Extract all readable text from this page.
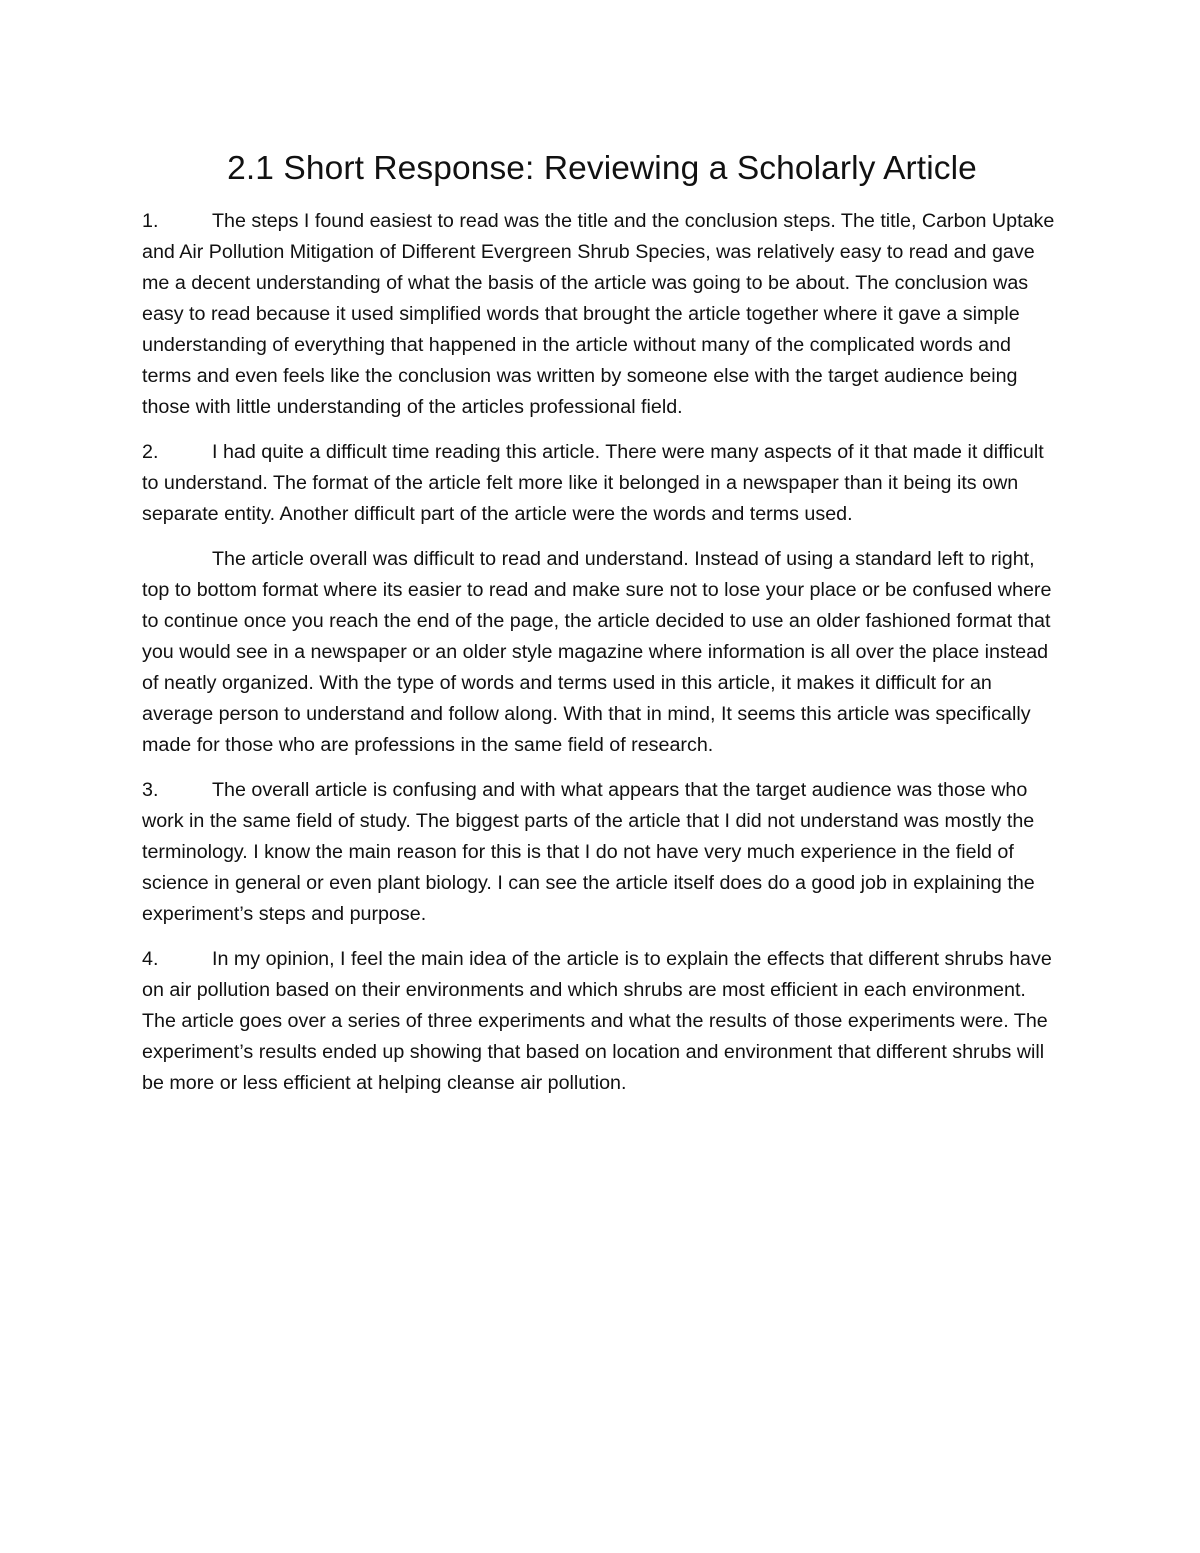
2.1 Short Response: Reviewing a Scholarly Article

1.	The steps I found easiest to read was the title and the conclusion steps. The title, Carbon Uptake and Air Pollution Mitigation of Different Evergreen Shrub Species, was relatively easy to read and gave me a decent understanding of what the basis of the article was going to be about. The conclusion was easy to read because it used simplified words that brought the article together where it gave a simple understanding of everything that happened in the article without many of the complicated words and terms and even feels like the conclusion was written by someone else with the target audience being those with little understanding of the articles professional field.

2.	I had quite a difficult time reading this article. There were many aspects of it that made it difficult to understand. The format of the article felt more like it belonged in a newspaper than it being its own separate entity. Another difficult part of the article were the words and terms used.

The article overall was difficult to read and understand. Instead of using a standard left to right, top to bottom format where its easier to read and make sure not to lose your place or be confused where to continue once you reach the end of the page, the article decided to use an older fashioned format that you would see in a newspaper or an older style magazine where information is all over the place instead of neatly organized. With the type of words and terms used in this article, it makes it difficult for an average person to understand and follow along. With that in mind, It seems this article was specifically made for those who are professions in the same field of research.

3.	The overall article is confusing and with what appears that the target audience was those who work in the same field of study. The biggest parts of the article that I did not understand was mostly the terminology. I know the main reason for this is that I do not have very much experience in the field of science in general or even plant biology. I can see the article itself does do a good job in explaining the experiment’s steps and purpose.

4.	In my opinion, I feel the main idea of the article is to explain the effects that different shrubs have on air pollution based on their environments and which shrubs are most efficient in each environment. The article goes over a series of three experiments and what the results of those experiments were. The experiment’s results ended up showing that based on location and environment that different shrubs will be more or less efficient at helping cleanse air pollution.
